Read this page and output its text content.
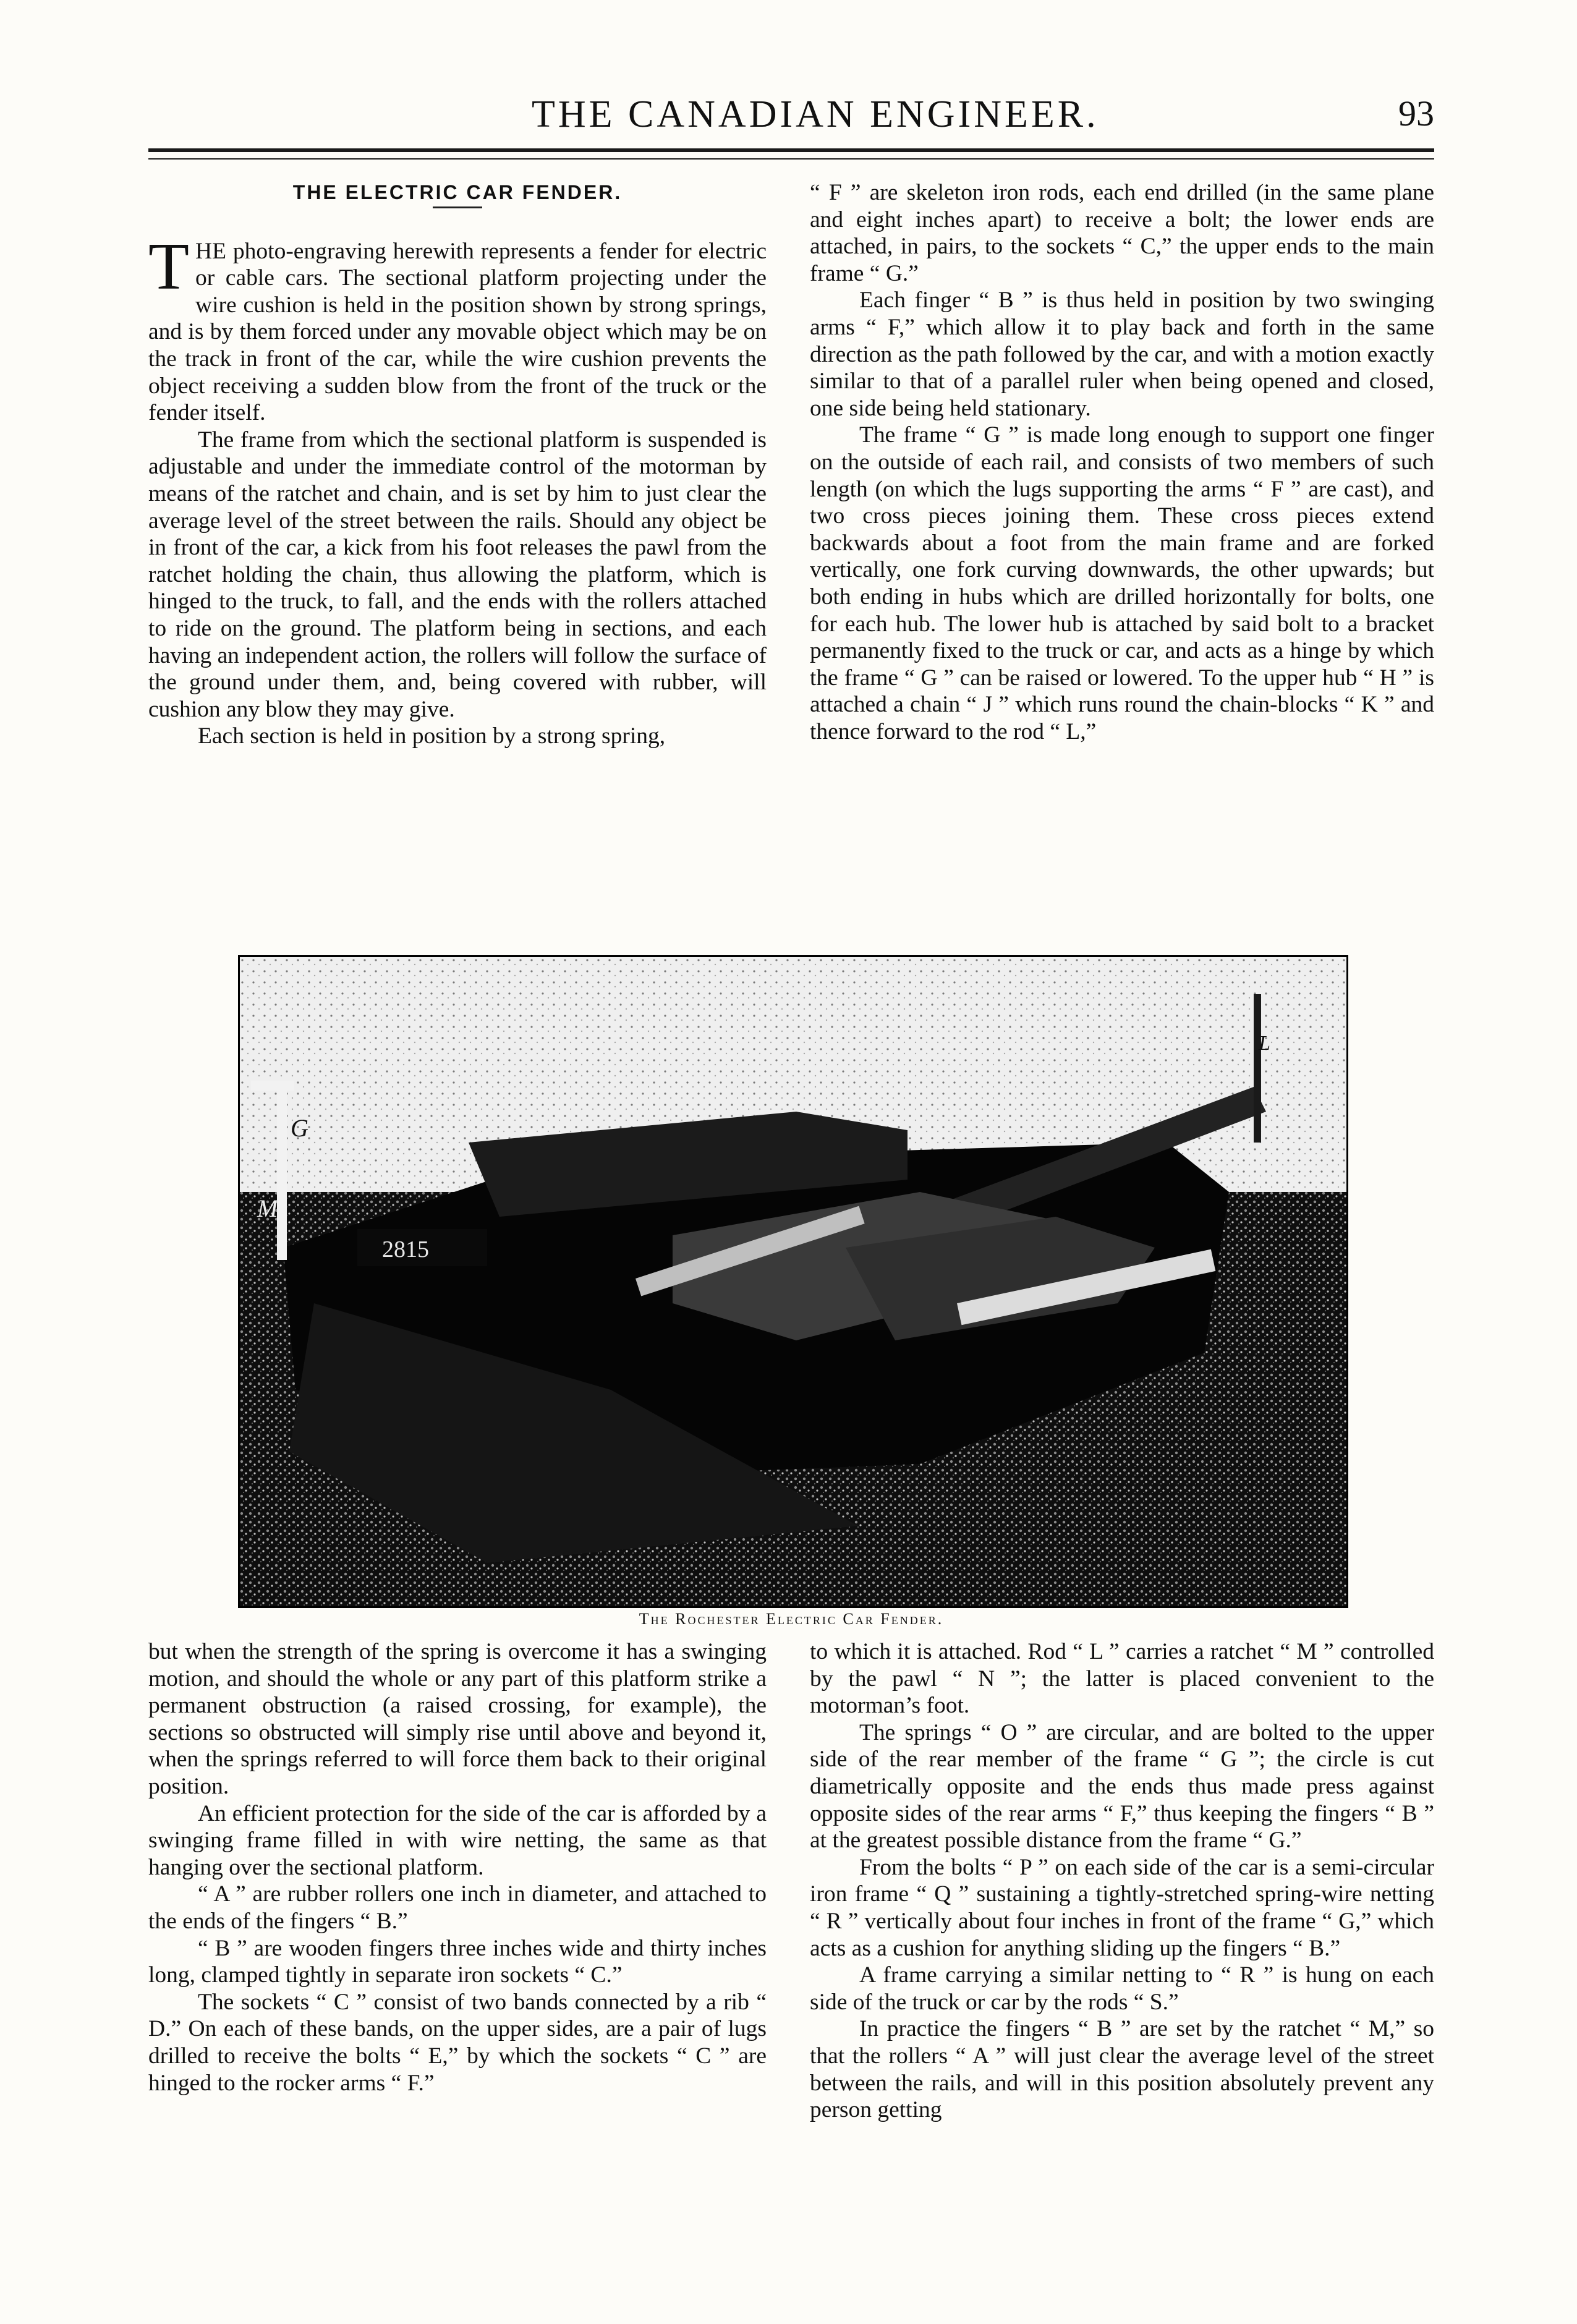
THE CANADIAN ENGINEER.	93

THE ELECTRIC CAR FENDER.

THE photo-engraving herewith represents a fender for electric or cable cars. The sectional platform projecting under the wire cushion is held in the position shown by strong springs, and is by them forced under any movable object which may be on the track in front of the car, while the wire cushion prevents the object receiving a sudden blow from the front of the truck or the fender itself.

The frame from which the sectional platform is suspended is adjustable and under the immediate control of the motorman by means of the ratchet and chain, and is set by him to just clear the average level of the street between the rails. Should any object be in front of the car, a kick from his foot releases the pawl from the ratchet holding the chain, thus allowing the platform, which is hinged to the truck, to fall, and the ends with the rollers attached to ride on the ground. The platform being in sections, and each having an independent action, the rollers will follow the surface of the ground under them, and, being covered with rubber, will cushion any blow they may give.

Each section is held in position by a strong spring,

“ F ” are skeleton iron rods, each end drilled (in the same plane and eight inches apart) to receive a bolt; the lower ends are attached, in pairs, to the sockets “ C,” the upper ends to the main frame “ G.”

Each finger “ B ” is thus held in position by two swinging arms “ F,” which allow it to play back and forth in the same direction as the path followed by the car, and with a motion exactly similar to that of a parallel ruler when being opened and closed, one side being held stationary.

The frame “ G ” is made long enough to support one finger on the outside of each rail, and consists of two members of such length (on which the lugs supporting the arms “ F ” are cast), and two cross pieces joining them. These cross pieces extend backwards about a foot from the main frame and are forked vertically, one fork curving downwards, the other upwards; but both ending in hubs which are drilled horizontally for bolts, one for each hub. The lower hub is attached by said bolt to a bracket permanently fixed to the truck or car, and acts as a hinge by which the frame “ G ” can be raised or lowered. To the upper hub “ H ” is attached a chain “ J ” which runs round the chain-blocks “ K ” and thence forward to the rod “ L,”

2815
G
M
L
The Rochester Electric Car Fender.

but when the strength of the spring is overcome it has a swinging motion, and should the whole or any part of this platform strike a permanent obstruction (a raised crossing, for example), the sections so obstructed will simply rise until above and beyond it, when the springs referred to will force them back to their original position.

An efficient protection for the side of the car is afforded by a swinging frame filled in with wire netting, the same as that hanging over the sectional platform.

“ A ” are rubber rollers one inch in diameter, and attached to the ends of the fingers “ B.”

“ B ” are wooden fingers three inches wide and thirty inches long, clamped tightly in separate iron sockets “ C.”

The sockets “ C ” consist of two bands connected by a rib “ D.” On each of these bands, on the upper sides, are a pair of lugs drilled to receive the bolts “ E,” by which the sockets “ C ” are hinged to the rocker arms “ F.”

to which it is attached. Rod “ L ” carries a ratchet “ M ” controlled by the pawl “ N ”; the latter is placed convenient to the motorman’s foot.

The springs “ O ” are circular, and are bolted to the upper side of the rear member of the frame “ G ”; the circle is cut diametrically opposite and the ends thus made press against opposite sides of the rear arms “ F,” thus keeping the fingers “ B ” at the greatest possible distance from the frame “ G.”

From the bolts “ P ” on each side of the car is a semi-circular iron frame “ Q ” sustaining a tightly-stretched spring-wire netting “ R ” vertically about four inches in front of the frame “ G,” which acts as a cushion for anything sliding up the fingers “ B.”

A frame carrying a similar netting to “ R ” is hung on each side of the truck or car by the rods “ S.”

In practice the fingers “ B ” are set by the ratchet “ M,” so that the rollers “ A ” will just clear the average level of the street between the rails, and will in this position absolutely prevent any person getting
